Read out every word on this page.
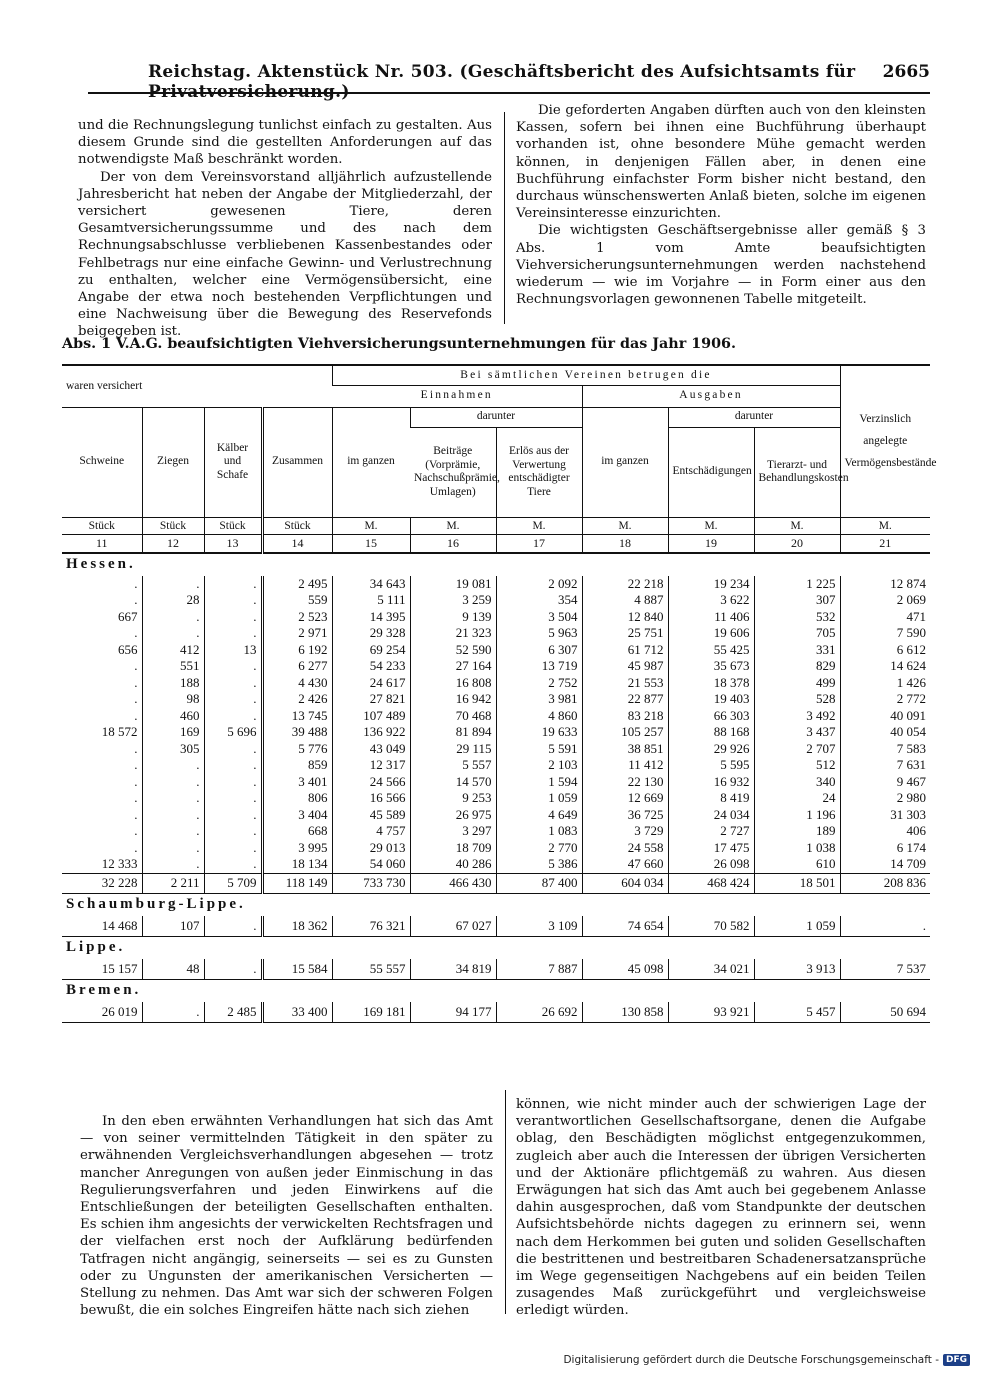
Reichstag. Aktenstück Nr. 503. (Geschäftsbericht des Aufsichtsamts für Privatversicherung.)
2665

und die Rechnungslegung tunlichst einfach zu gestalten. Aus diesem Grunde sind die gestellten Anforderungen auf das notwendigste Maß beschränkt worden.

Der von dem Vereinsvorstand alljährlich aufzustellende Jahresbericht hat neben der Angabe der Mitgliederzahl, der versichert gewesenen Tiere, deren Gesamtversicherungssumme und des nach dem Rechnungsabschlusse verbliebenen Kassenbestandes oder Fehlbetrags nur eine einfache Gewinn- und Verlustrechnung zu enthalten, welcher eine Vermögensübersicht, eine Angabe der etwa noch bestehenden Verpflichtungen und eine Nachweisung über die Bewegung des Reservefonds beigegeben ist.

Die geforderten Angaben dürften auch von den kleinsten Kassen, sofern bei ihnen eine Buchführung überhaupt vorhanden ist, ohne besondere Mühe gemacht werden können, in denjenigen Fällen aber, in denen eine Buchführung einfachster Form bisher nicht bestand, den durchaus wünschenswerten Anlaß bieten, solche im eigenen Vereinsinteresse einzurichten.

Die wichtigsten Geschäftsergebnisse aller gemäß § 3 Abs. 1 vom Amte beaufsichtigten Viehversicherungsunternehmungen werden nachstehend wiederum — wie im Vorjahre — in Form einer aus den Rechnungsvorlagen gewonnenen Tabelle mitgeteilt.

Abs. 1 V.A.G. beaufsichtigten Viehversicherungsunternehmungen für das Jahr 1906.
waren versichert				Bei sämtlichen Vereinen betrugen die						Verzinslich angelegte Vermögensbestände
				Einnahmen			Ausgaben			
Schweine	Ziegen	Kälber und Schafe	Zusammen	im ganzen	darunter		im ganzen	darunter		
					Beiträge (Vorprämie, Nachschußprämie, Umlagen)	Erlös aus der Verwertung entschädigter Tiere		Entschädigungen	Tierarzt- und Behandlungskosten	
Stück	Stück	Stück	Stück	M.	M.	M.	M.	M.	M.	M.
11	12	13	14	15	16	17	18	19	20	21
Hessen.										
.	.	.	2 495	34 643	19 081	2 092	22 218	19 234	1 225	12 874
.	28	.	559	5 111	3 259	354	4 887	3 622	307	2 069
667	.	.	2 523	14 395	9 139	3 504	12 840	11 406	532	471
.	.	.	2 971	29 328	21 323	5 963	25 751	19 606	705	7 590
656	412	13	6 192	69 254	52 590	6 307	61 712	55 425	331	6 612
.	551	.	6 277	54 233	27 164	13 719	45 987	35 673	829	14 624
.	188	.	4 430	24 617	16 808	2 752	21 553	18 378	499	1 426
.	98	.	2 426	27 821	16 942	3 981	22 877	19 403	528	2 772
.	460	.	13 745	107 489	70 468	4 860	83 218	66 303	3 492	40 091
18 572	169	5 696	39 488	136 922	81 894	19 633	105 257	88 168	3 437	40 054
.	305	.	5 776	43 049	29 115	5 591	38 851	29 926	2 707	7 583
.	.	.	859	12 317	5 557	2 103	11 412	5 595	512	7 631
.	.	.	3 401	24 566	14 570	1 594	22 130	16 932	340	9 467
.	.	.	806	16 566	9 253	1 059	12 669	8 419	24	2 980
.	.	.	3 404	45 589	26 975	4 649	36 725	24 034	1 196	31 303
.	.	.	668	4 757	3 297	1 083	3 729	2 727	189	406
.	.	.	3 995	29 013	18 709	2 770	24 558	17 475	1 038	6 174
12 333	.	.	18 134	54 060	40 286	5 386	47 660	26 098	610	14 709
32 228	2 211	5 709	118 149	733 730	466 430	87 400	604 034	468 424	18 501	208 836
Schaumburg-Lippe.										
14 468	107	.	18 362	76 321	67 027	3 109	74 654	70 582	1 059	.
Lippe.										
15 157	48	.	15 584	55 557	34 819	7 887	45 098	34 021	3 913	7 537
Bremen.										
26 019	.	2 485	33 400	169 181	94 177	26 692	130 858	93 921	5 457	50 694

In den eben erwähnten Verhandlungen hat sich das Amt — von seiner vermittelnden Tätigkeit in den später zu erwähnenden Vergleichsverhandlungen abgesehen — trotz mancher Anregungen von außen jeder Einmischung in das Regulierungsverfahren und jeden Einwirkens auf die Entschließungen der beteiligten Gesellschaften enthalten. Es schien ihm angesichts der verwickelten Rechtsfragen und der vielfachen erst noch der Aufklärung bedürfenden Tatfragen nicht angängig, seinerseits — sei es zu Gunsten oder zu Ungunsten der amerikanischen Versicherten — Stellung zu nehmen. Das Amt war sich der schweren Folgen bewußt, die ein solches Eingreifen hätte nach sich ziehen

können, wie nicht minder auch der schwierigen Lage der verantwortlichen Gesellschaftsorgane, denen die Aufgabe oblag, den Beschädigten möglichst entgegenzukommen, zugleich aber auch die Interessen der übrigen Versicherten und der Aktionäre pflichtgemäß zu wahren. Aus diesen Erwägungen hat sich das Amt auch bei gegebenem Anlasse dahin ausgesprochen, daß vom Standpunkte der deutschen Aufsichtsbehörde nichts dagegen zu erinnern sei, wenn nach dem Herkommen bei guten und soliden Gesellschaften die bestrittenen und bestreitbaren Schadenersatzansprüche im Wege gegenseitigen Nachgebens auf ein beiden Teilen zusagendes Maß zurückgeführt und vergleichsweise erledigt würden.

Digitalisierung gefördert durch die Deutsche Forschungsgemeinschaft - DFG
